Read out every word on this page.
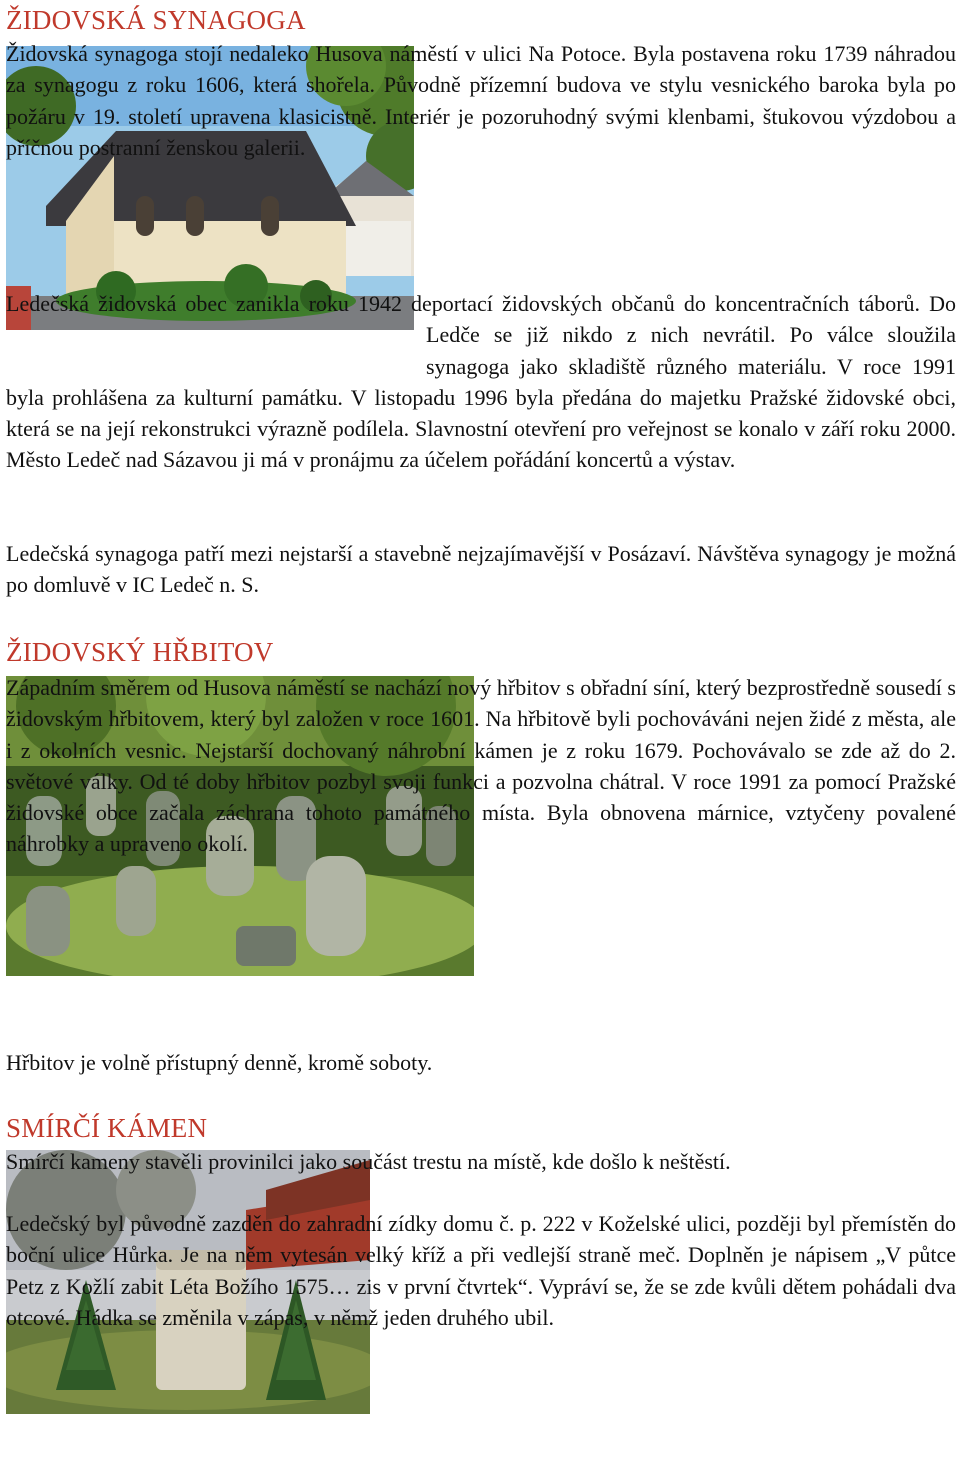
ŽIDOVSKÁ SYNAGOGA

Židovská synagoga stojí nedaleko Husova náměstí v ulici Na Potoce. Byla postavena roku 1739 náhradou za synagogu z roku 1606, která shořela. Původně přízemní budova ve stylu vesnického baroka byla po požáru v 19. století upravena klasicistně. Interiér je pozoruhodný svými klenbami, štukovou výzdobou a příčnou postranní ženskou galerii.

Ledečská židovská obec zanikla roku 1942 deportací židovských občanů do koncentračních táborů. Do Ledče se již nikdo z nich nevrátil. Po válce sloužila synagoga jako skladiště různého materiálu. V roce 1991 byla prohlášena za kulturní památku. V listopadu 1996 byla předána do majetku Pražské židovské obci, která se na její rekonstrukci výrazně podílela. Slavnostní otevření pro veřejnost se konalo v září roku 2000. Město Ledeč nad Sázavou ji má v pronájmu za účelem pořádání koncertů a výstav.

Ledečská synagoga patří mezi nejstarší a stavebně nejzajímavější v Posázaví. Návštěva synagogy je možná po domluvě v IC Ledeč n. S.

ŽIDOVSKÝ HŘBITOV

Západním směrem od Husova náměstí se nachází nový hřbitov s obřadní síní, který bezprostředně sousedí s židovským hřbitovem, který byl založen v roce 1601. Na hřbitově byli pochováváni nejen židé z města, ale i z okolních vesnic. Nejstarší dochovaný náhrobní kámen je z roku 1679. Pochovávalo se zde až do 2. světové války. Od té doby hřbitov pozbyl svoji funkci a pozvolna chátral. V roce 1991 za pomocí Pražské židovské obce začala záchrana tohoto památného místa. Byla obnovena márnice, vztyčeny povalené náhrobky a upraveno okolí.

Hřbitov je volně přístupný denně, kromě soboty.

SMÍRČÍ KÁMEN

Smírčí kameny stavěli provinilci jako součást trestu na místě, kde došlo k neštěstí.

Ledečský byl původně zazděn do zahradní zídky domu č. p. 222 v Koželské ulici, později byl přemístěn do boční ulice Hůrka. Je na něm vytesán velký kříž a při vedlejší straně meč. Doplněn je nápisem „V půtce Petz z Kožlí zabit Léta Božího 1575… zis v první čtvrtek“. Vypráví se, že se zde kvůli dětem pohádali dva otcové. Hádka se změnila v zápas, v němž jeden druhého ubil.
